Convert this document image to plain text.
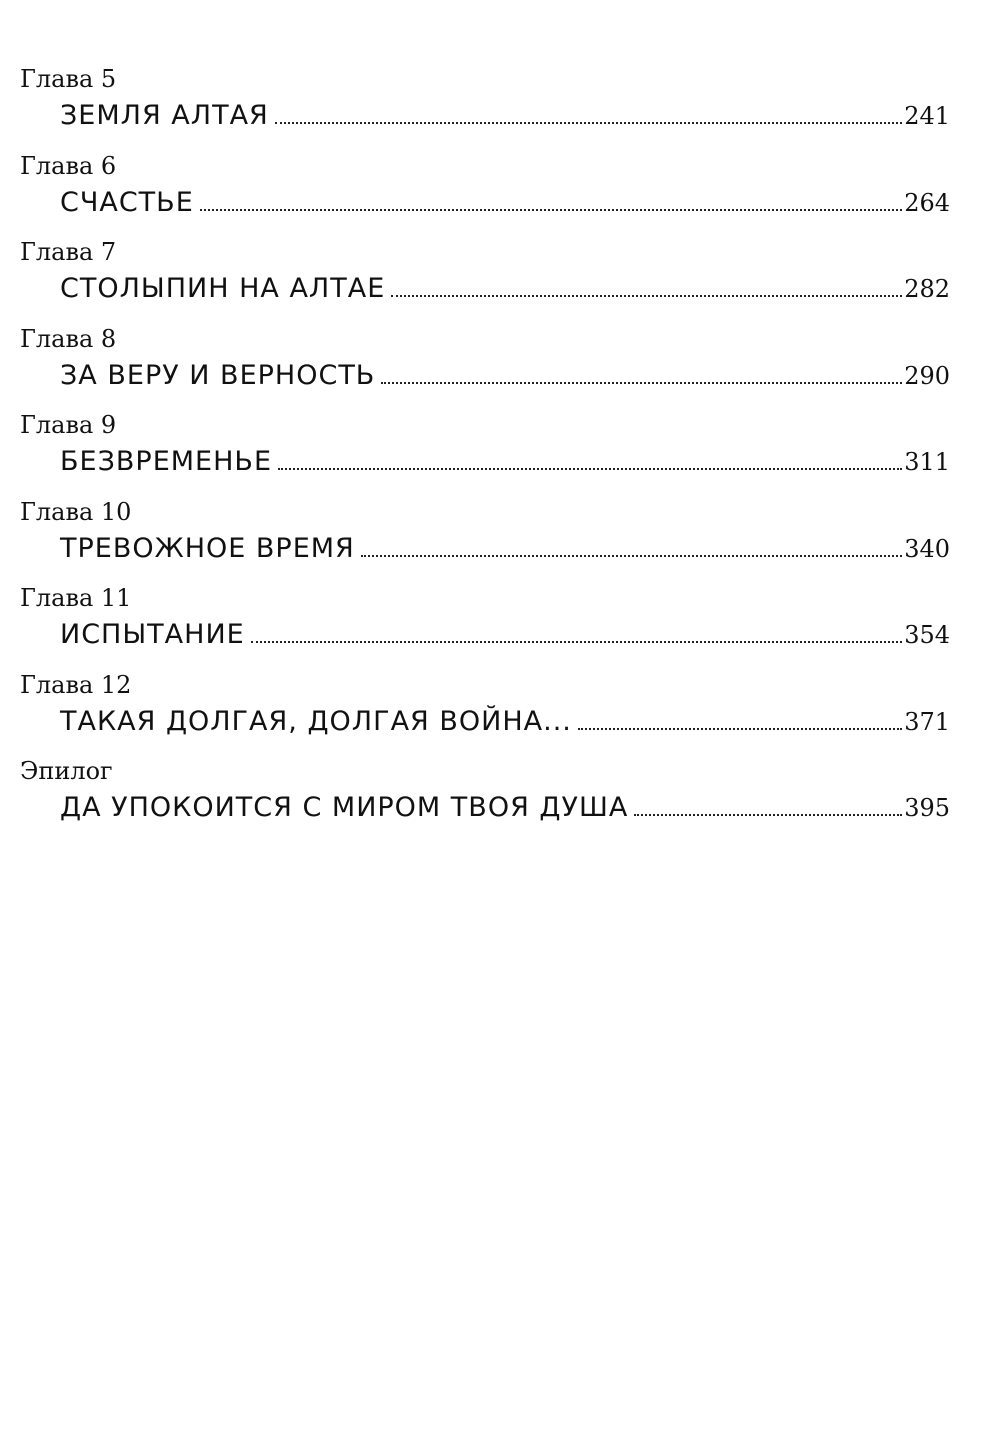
Глава 5
ЗЕМЛЯ АЛТАЯ	241
Глава 6
СЧАСТЬЕ	264
Глава 7
СТОЛЫПИН НА АЛТАЕ	282
Глава 8
ЗА ВЕРУ И ВЕРНОСТЬ	290
Глава 9
БЕЗВРЕМЕНЬЕ	311
Глава 10
ТРЕВОЖНОЕ ВРЕМЯ	340
Глава 11
ИСПЫТАНИЕ	354
Глава 12
ТАКАЯ ДОЛГАЯ, ДОЛГАЯ ВОЙНА...	371
Эпилог
ДА УПОКОИТСЯ С МИРОМ ТВОЯ ДУША	395
